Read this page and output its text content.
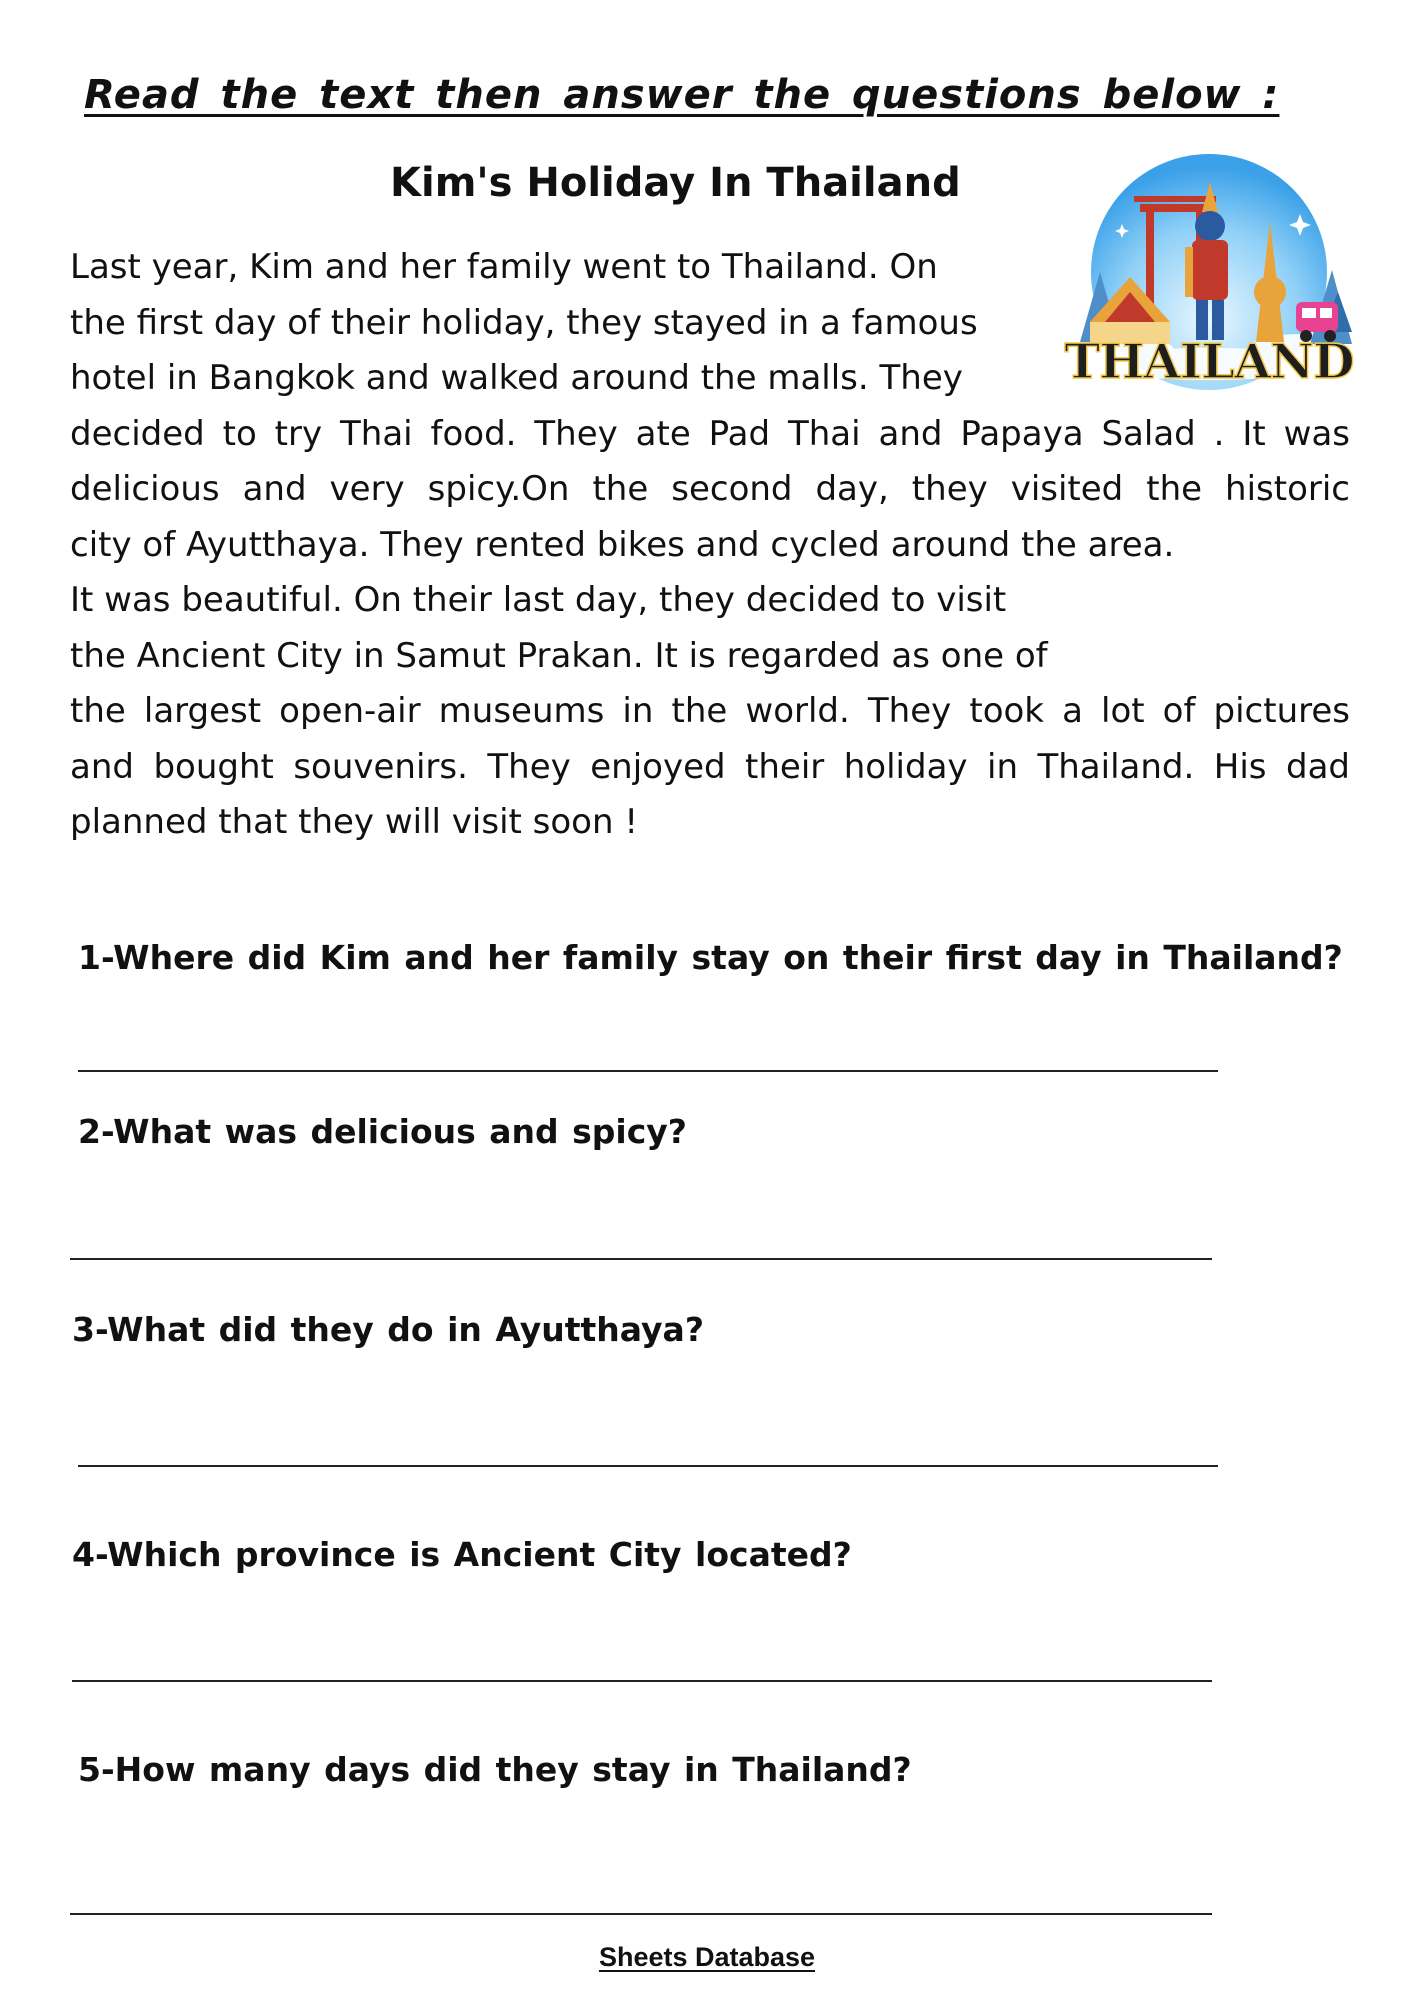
Read the text then answer the questions below :
Kim's Holiday In Thailand
THAILAND
Last year, Kim and her family went to Thailand. On
the first day of their holiday, they stayed in a famous
hotel in Bangkok and walked around the malls. They
decided to try Thai food. They ate Pad Thai and Papaya Salad . It was
delicious and very spicy.On the second day, they visited the historic
city of Ayutthaya. They rented bikes and cycled around the area.
It was beautiful. On their last day, they decided to visit
the Ancient City in Samut Prakan. It is regarded as one of
the largest open-air museums in the world. They took a lot of pictures
and bought souvenirs. They enjoyed their holiday in Thailand. His dad
planned that they will visit soon !

1-Where did Kim and her family stay on their first day in Thailand?

2-What was delicious and spicy?

3-What did they do in Ayutthaya?

4-Which province is Ancient City located?

5-How many days did they stay in Thailand?

Sheets Database
